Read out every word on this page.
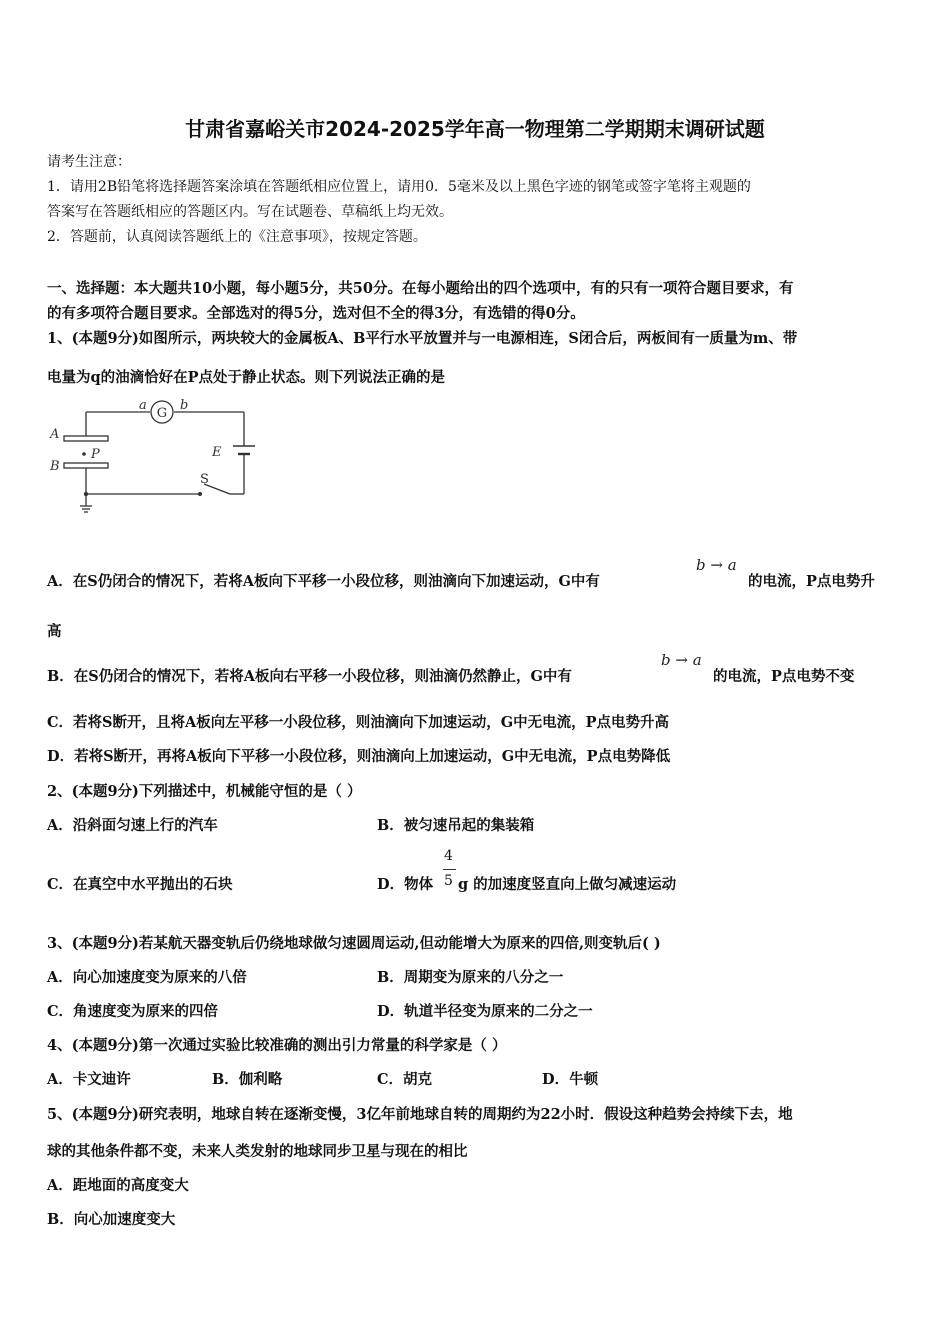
甘肃省嘉峪关市2024-2025学年高一物理第二学期期末调研试题
请考生注意：
1．请用2B铅笔将选择题答案涂填在答题纸相应位置上，请用0．5毫米及以上黑色字迹的钢笔或签字笔将主观题的
答案写在答题纸相应的答题区内。写在试题卷、草稿纸上均无效。
2．答题前，认真阅读答题纸上的《注意事项》，按规定答题。
一、选择题：本大题共10小题，每小题5分，共50分。在每小题给出的四个选项中，有的只有一项符合题目要求，有
的有多项符合题目要求。全部选对的得5分，选对但不全的得3分，有选错的得0分。
1、(本题9分)如图所示，两块较大的金属板A、B平行水平放置并与一电源相连，S闭合后，两板间有一质量为m、带
电量为q的油滴恰好在P点处于静止状态。则下列说法正确的是
G
a	b
A
B
P	E
S
A．在S仍闭合的情况下，若将A板向下平移一小段位移，则油滴向下加速运动，G中有
b → a
的电流，P点电势升
高
B．在S仍闭合的情况下，若将A板向右平移一小段位移，则油滴仍然静止，G中有
b → a
的电流，P点电势不变
C．若将S断开，且将A板向左平移一小段位移，则油滴向下加速运动，G中无电流，P点电势升高
D．若将S断开，再将A板向下平移一小段位移，则油滴向上加速运动，G中无电流，P点电势降低
2、(本题9分)下列描述中，机械能守恒的是（ ）
A．沿斜面匀速上行的汽车	B．被匀速吊起的集装箱
C．在真空中水平抛出的石块	D．物体
4
5 g 的加速度竖直向上做匀减速运动
3、(本题9分)若某航天器变轨后仍绕地球做匀速圆周运动,但动能增大为原来的四倍,则变轨后( )
A．向心加速度变为原来的八倍	B．周期变为原来的八分之一
C．角速度变为原来的四倍	D．轨道半径变为原来的二分之一
4、(本题9分)第一次通过实验比较准确的测出引力常量的科学家是（ ）
A．卡文迪许	B．伽利略	C．胡克	D．牛顿
5、(本题9分)研究表明，地球自转在逐渐变慢，3亿年前地球自转的周期约为22小时．假设这种趋势会持续下去，地
球的其他条件都不变，未来人类发射的地球同步卫星与现在的相比
A．距地面的高度变大
B．向心加速度变大
